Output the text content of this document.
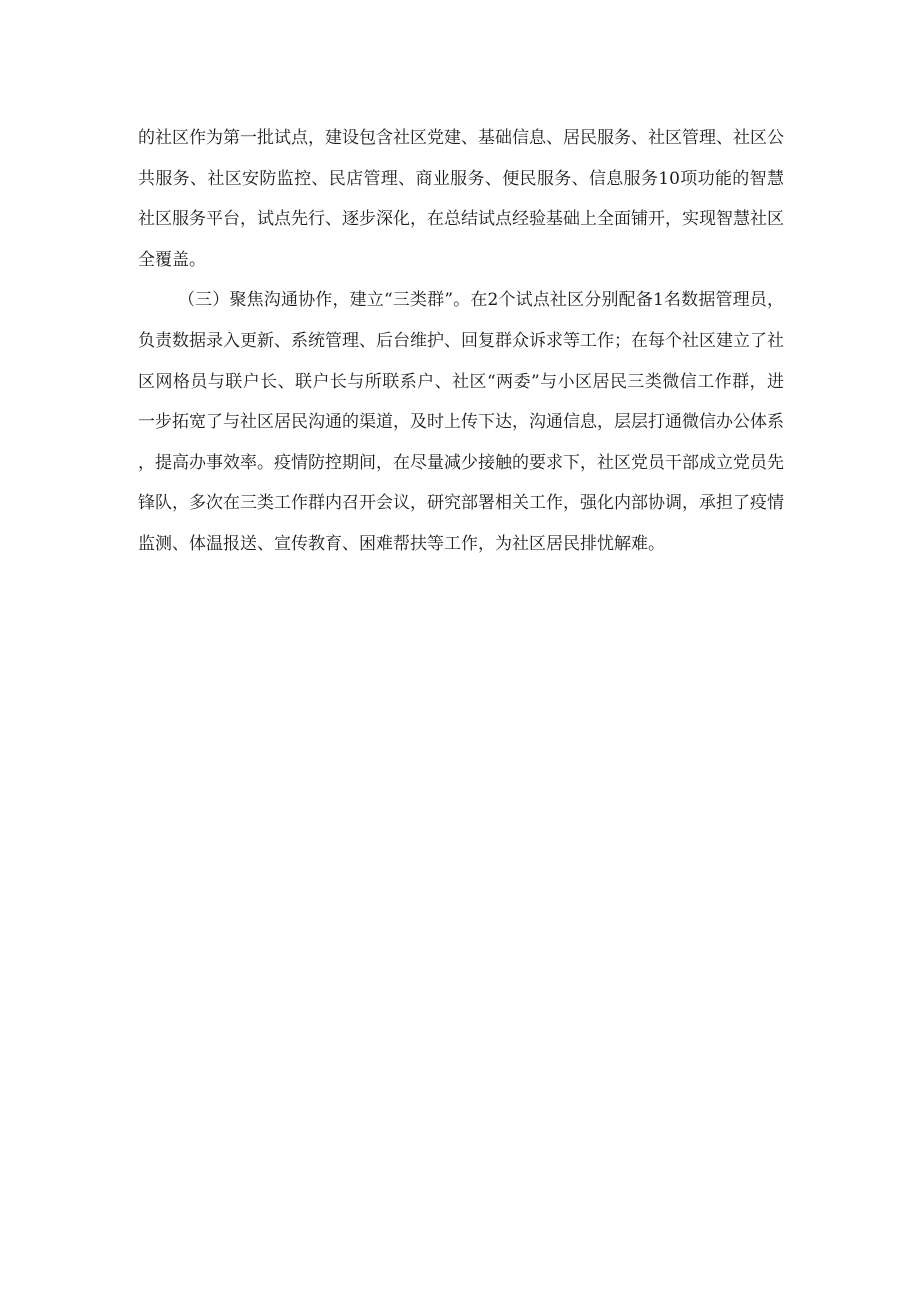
的社区作为第一批试点，建设包含社区党建、基础信息、居民服务、社区管理、社区公共服务、社区安防监控、民店管理、商业服务、便民服务、信息服务10项功能的智慧社区服务平台，试点先行、逐步深化，在总结试点经验基础上全面铺开，实现智慧社区全覆盖。

（三）聚焦沟通协作，建立“三类群”。在2个试点社区分别配备1名数据管理员，负责数据录入更新、系统管理、后台维护、回复群众诉求等工作；在每个社区建立了社区网格员与联户长、联户长与所联系户、社区“两委”与小区居民三类微信工作群，进一步拓宽了与社区居民沟通的渠道，及时上传下达，沟通信息，层层打通微信办公体系，提高办事效率。疫情防控期间，在尽量减少接触的要求下，社区党员干部成立党员先锋队，多次在三类工作群内召开会议，研究部署相关工作，强化内部协调，承担了疫情监测、体温报送、宣传教育、困难帮扶等工作，为社区居民排忧解难。
